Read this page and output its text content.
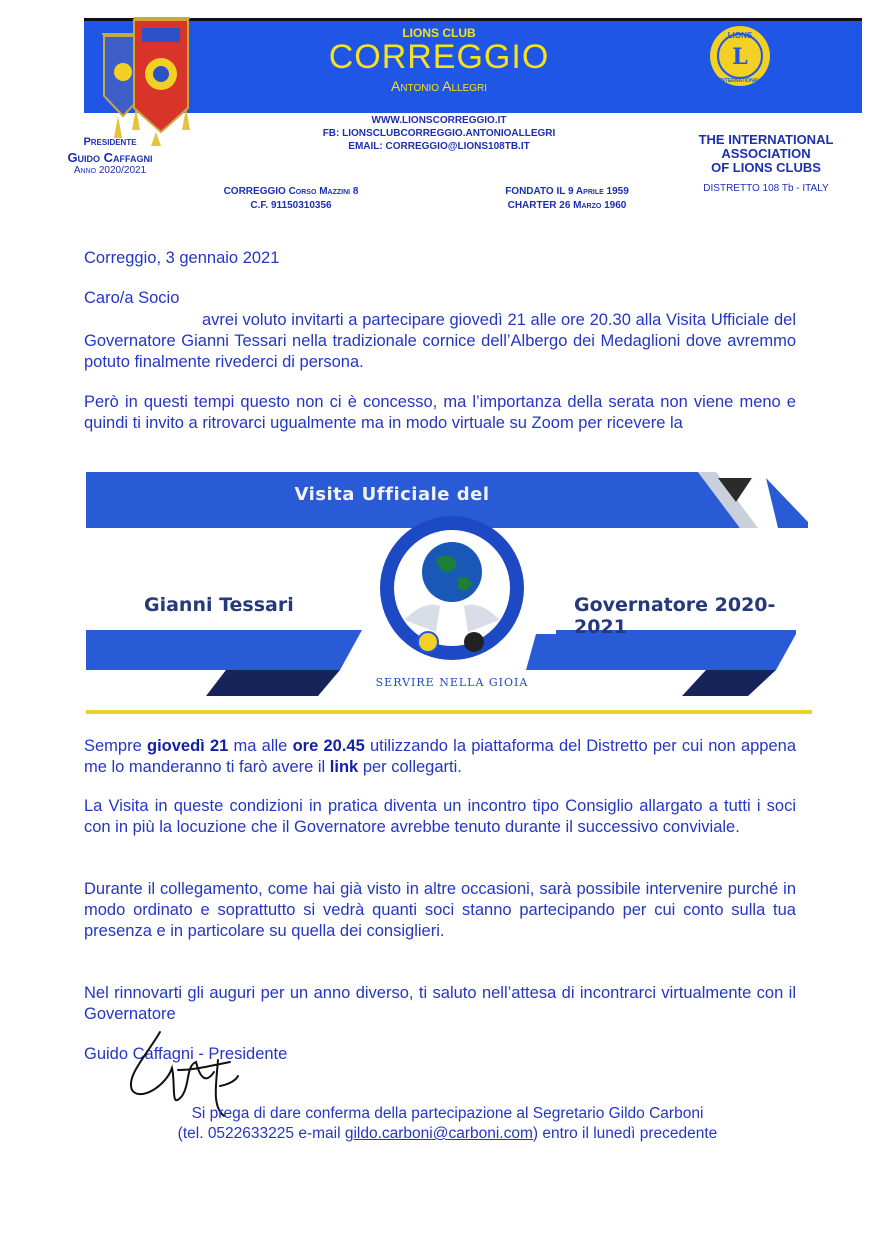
LIONS CLUB
CORREGGIO
Antonio Allegri
L
LIONS
INTERNATIONAL
WWW.LIONSCORREGGIO.IT
FB: LIONSCLUBCORREGGIO.ANTONIOALLEGRI
EMAIL: CORREGGIO@LIONS108TB.IT
Presidente
Guido Caffagni
Anno 2020/2021
THE INTERNATIONAL
ASSOCIATION
OF LIONS CLUBS
DISTRETTO 108 Tb - ITALY
CORREGGIO Corso Mazzini 8
C.F. 91150310356
FONDATO IL 9 Aprile 1959
CHARTER 26 Marzo 1960
Correggio, 3 gennaio 2021
Caro/a Socio
avrei voluto invitarti a partecipare giovedì 21 alle ore 20.30 alla Visita Ufficiale del Governatore Gianni Tessari nella tradizionale cornice dell’Albergo dei Medaglioni dove avremmo potuto finalmente rivederci di persona.
Però in questi tempi questo non ci è concesso, ma l’importanza della serata non viene meno e quindi ti invito a ritrovarci ugualmente ma in modo virtuale su Zoom per ricevere la
Visita Ufficiale del
Gianni Tessari	Governatore 2020-2021
SERVIRE NELLA GIOIA
Sempre giovedì 21 ma alle ore 20.45 utilizzando la piattaforma del Distretto per cui non appena me lo manderanno ti farò avere il link per collegarti.
La Visita in queste condizioni in pratica diventa un incontro tipo Consiglio allargato a tutti i soci con in più la locuzione che il Governatore avrebbe tenuto durante il successivo conviviale.
Durante il collegamento, come hai già visto in altre occasioni, sarà possibile intervenire purché in modo ordinato e soprattutto si vedrà quanti soci stanno partecipando per cui conto sulla tua presenza e in particolare su quella dei consiglieri.
Nel rinnovarti gli auguri per un anno diverso, ti saluto nell’attesa di incontrarci virtualmente con il Governatore
Guido Caffagni - Presidente
Si prega di dare conferma della partecipazione al Segretario Gildo Carboni
(tel. 0522633225 e-mail gildo.carboni@carboni.com) entro il lunedì precedente
